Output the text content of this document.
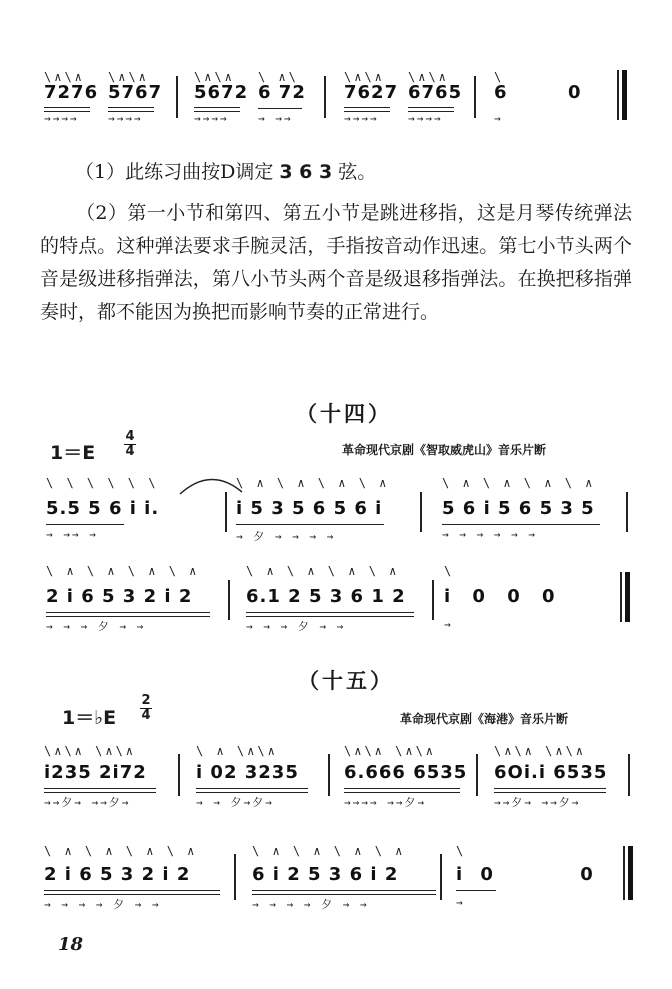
\∧\∧
7276
→→→→
\∧\∧
5767
→→→→
\∧\∧
5672
→→→→
\ ∧\
6 72
→ →→
\∧\∧
7627
→→→→
\∧\∧
6765
→→→→
\
6
→
0
（1）此练习曲按D调定 3 6 3 弦。
（2）第一小节和第四、第五小节是跳进移指，这是月琴传统弹法的特点。这种弹法要求手腕灵活，手指按音动作迅速。第七小节头两个音是级进移指弹法，第八小节头两个音是级退移指弹法。在换把移指弹奏时，都不能因为换把而影响节奏的正常进行。
（十四）
1＝E
4
4	革命现代京剧《智取威虎山》音乐片断
\ \ \ \ \ \
5.5 5 6 i i.
→ →→ →
\ ∧ \ ∧ \ ∧ \ ∧
i 5 3 5 6 5 6 i
→ 夕 → → → →
\ ∧ \ ∧ \ ∧ \ ∧
5 6 i 5 6 5 3 5
→ → → → → →
\ ∧ \ ∧ \ ∧ \ ∧
2 i 6 5 3 2 i 2
→ → → 夕 → →
\ ∧ \ ∧ \ ∧ \ ∧
6.1 2 5 3 6 1 2
→ → → 夕 → →
\
i 0 0 0
→
（十五）
1＝♭E
2
4	革命现代京剧《海港》音乐片断
\∧\∧ \∧\∧
i235 2i72
→→夕→ →→夕→
\ ∧ \∧\∧
i 02 3235
→ → 夕→夕→
\∧\∧ \∧\∧
6.666 6535
→→→→ →→夕→
\∧\∧ \∧\∧
6Oi.i 6535
→→夕→ →→夕→
\ ∧ \ ∧ \ ∧ \ ∧
2 i 6 5 3 2 i 2
→ → → → 夕 → →
\ ∧ \ ∧ \ ∧ \ ∧
6 i 2 5 3 6 i 2
→ → → → 夕 → →
\
i 0     0
→
18
